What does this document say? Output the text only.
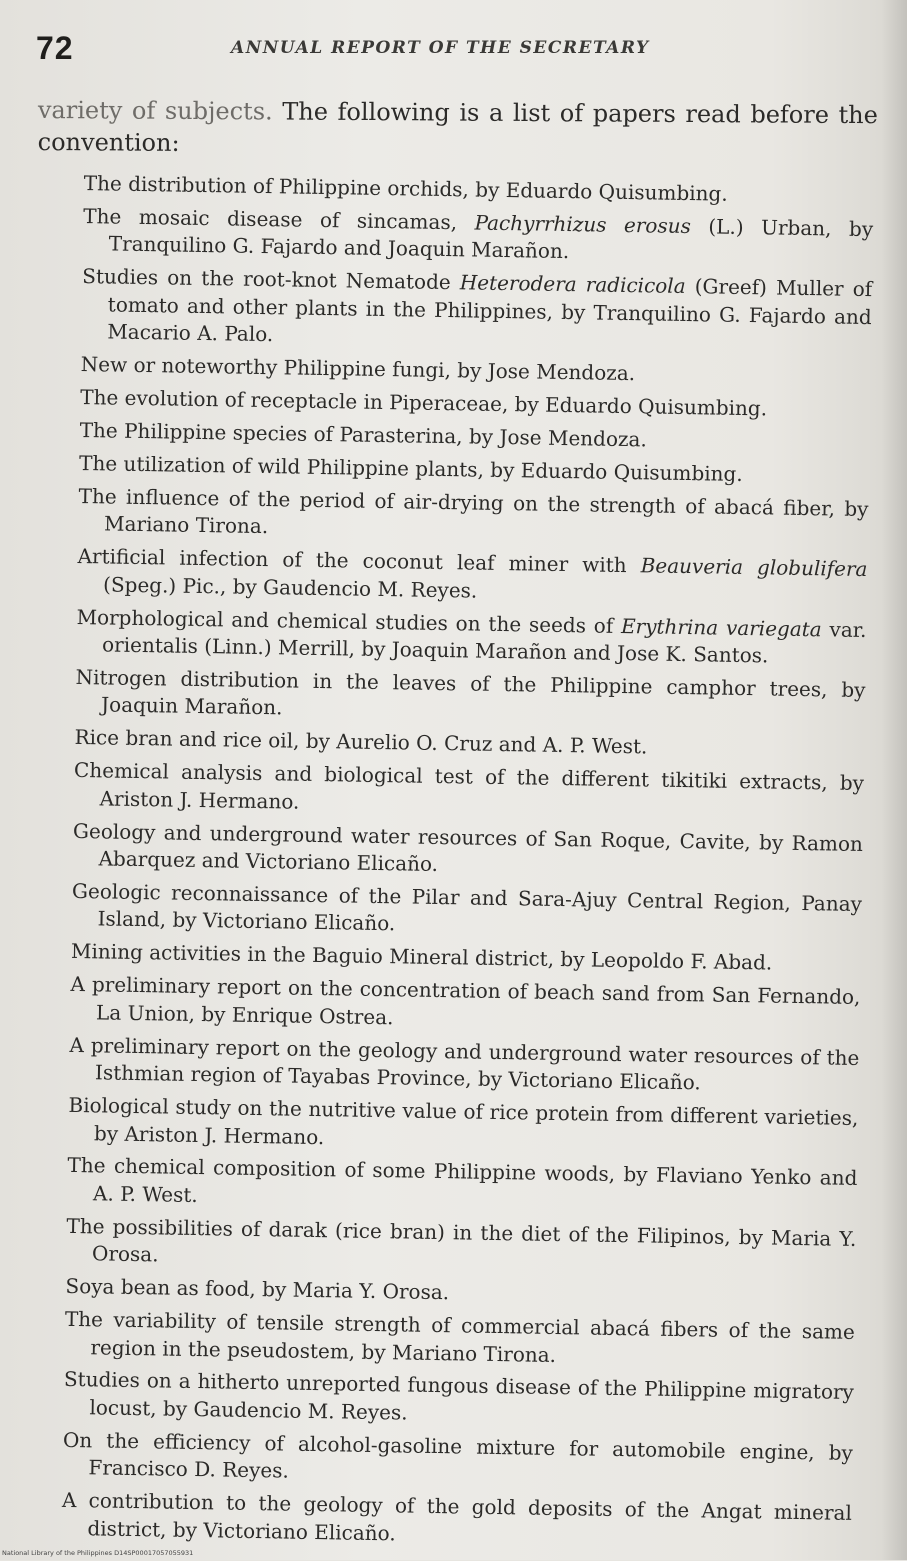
72	ANNUAL REPORT OF THE SECRETARY

variety of subjects. The following is a list of papers read before the convention:

The distribution of Philippine orchids, by Eduardo Quisumbing.
The mosaic disease of sincamas, Pachyrrhizus erosus (L.) Urban, by Tranquilino G. Fajardo and Joaquin Marañon.
Studies on the root-knot Nematode Heterodera radicicola (Greef) Muller of tomato and other plants in the Philippines, by Tranquilino G. Fajardo and Macario A. Palo.
New or noteworthy Philippine fungi, by Jose Mendoza.
The evolution of receptacle in Piperaceae, by Eduardo Quisumbing.
The Philippine species of Parasterina, by Jose Mendoza.
The utilization of wild Philippine plants, by Eduardo Quisumbing.
The influence of the period of air-drying on the strength of abacá fiber, by Mariano Tirona.
Artificial infection of the coconut leaf miner with Beauveria globulifera (Speg.) Pic., by Gaudencio M. Reyes.
Morphological and chemical studies on the seeds of Erythrina variegata var. orientalis (Linn.) Merrill, by Joaquin Marañon and Jose K. Santos.
Nitrogen distribution in the leaves of the Philippine camphor trees, by Joaquin Marañon.
Rice bran and rice oil, by Aurelio O. Cruz and A. P. West.
Chemical analysis and biological test of the different tikitiki extracts, by Ariston J. Hermano.
Geology and underground water resources of San Roque, Cavite, by Ramon Abarquez and Victoriano Elicaño.
Geologic reconnaissance of the Pilar and Sara-Ajuy Central Region, Panay Island, by Victoriano Elicaño.
Mining activities in the Baguio Mineral district, by Leopoldo F. Abad.
A preliminary report on the concentration of beach sand from San Fernando, La Union, by Enrique Ostrea.
A preliminary report on the geology and underground water resources of the Isthmian region of Tayabas Province, by Victoriano Elicaño.
Biological study on the nutritive value of rice protein from different varieties, by Ariston J. Hermano.
The chemical composition of some Philippine woods, by Flaviano Yenko and A. P. West.
The possibilities of darak (rice bran) in the diet of the Filipinos, by Maria Y. Orosa.
Soya bean as food, by Maria Y. Orosa.
The variability of tensile strength of commercial abacá fibers of the same region in the pseudostem, by Mariano Tirona.
Studies on a hitherto unreported fungous disease of the Philippine migratory locust, by Gaudencio M. Reyes.
On the efficiency of alcohol-gasoline mixture for automobile engine, by Francisco D. Reyes.
A contribution to the geology of the gold deposits of the Angat mineral district, by Victoriano Elicaño.
National Library of the Philippines D14SP00017057055931
